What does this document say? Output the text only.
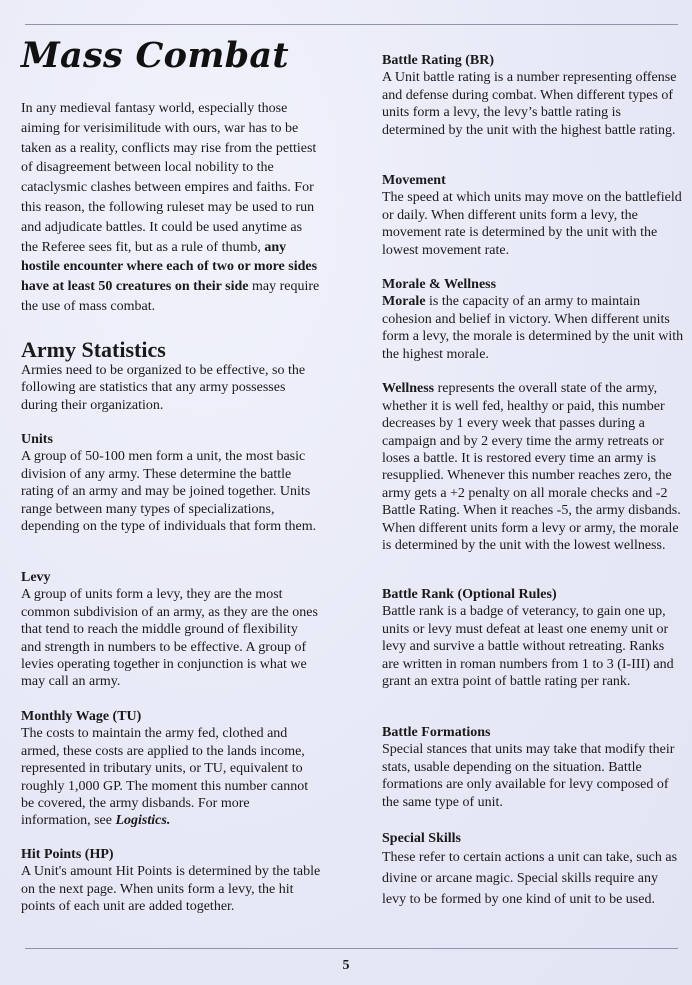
Mass Combat

In any medieval fantasy world, especially those aiming for verisimilitude with ours, war has to be taken as a reality, conflicts may rise from the pettiest of disagreement between local nobility to the cataclysmic clashes between empires and faiths. For this reason, the following ruleset may be used to run and adjudicate battles. It could be used anytime as the Referee sees fit, but as a rule of thumb, any hostile encounter where each of two or more sides have at least 50 creatures on their side may require the use of mass combat.

Army Statistics

Armies need to be organized to be effective, so the following are statistics that any army possesses during their organization.

Units

A group of 50-100 men form a unit, the most basic division of any army. These determine the battle rating of an army and may be joined together. Units range between many types of specializations, depending on the type of individuals that form them.

Levy

A group of units form a levy, they are the most common subdivision of an army, as they are the ones that tend to reach the middle ground of flexibility and strength in numbers to be effective. A group of levies operating together in conjunction is what we may call an army.

Monthly Wage (TU)

The costs to maintain the army fed, clothed and armed, these costs are applied to the lands income, represented in tributary units, or TU, equivalent to roughly 1,000 GP. The moment this number cannot be covered, the army disbands. For more information, see Logistics.

Hit Points (HP)

A Unit's amount Hit Points is determined by the table on the next page. When units form a levy, the hit points of each unit are added together.

Battle Rating (BR)

A Unit battle rating is a number representing offense and defense during combat. When different types of units form a levy, the levy’s battle rating is determined by the unit with the highest battle rating.

Movement

The speed at which units may move on the battlefield or daily. When different units form a levy, the movement rate is determined by the unit with the lowest movement rate.

Morale & Wellness

Morale is the capacity of an army to maintain cohesion and belief in victory. When different units form a levy, the morale is determined by the unit with the highest morale.

Wellness represents the overall state of the army, whether it is well fed, healthy or paid, this number decreases by 1 every week that passes during a campaign and by 2 every time the army retreats or loses a battle. It is restored every time an army is resupplied. Whenever this number reaches zero, the army gets a +2 penalty on all morale checks and -2 Battle Rating. When it reaches -5, the army disbands. When different units form a levy or army, the morale is determined by the unit with the lowest wellness.

Battle Rank (Optional Rules)

Battle rank is a badge of veterancy, to gain one up, units or levy must defeat at least one enemy unit or levy and survive a battle without retreating. Ranks are written in roman numbers from 1 to 3 (I-III) and grant an extra point of battle rating per rank.

Battle Formations

Special stances that units may take that modify their stats, usable depending on the situation. Battle formations are only available for levy composed of the same type of unit.

Special Skills

These refer to certain actions a unit can take, such as divine or arcane magic. Special skills require any levy to be formed by one kind of unit to be used.

5
